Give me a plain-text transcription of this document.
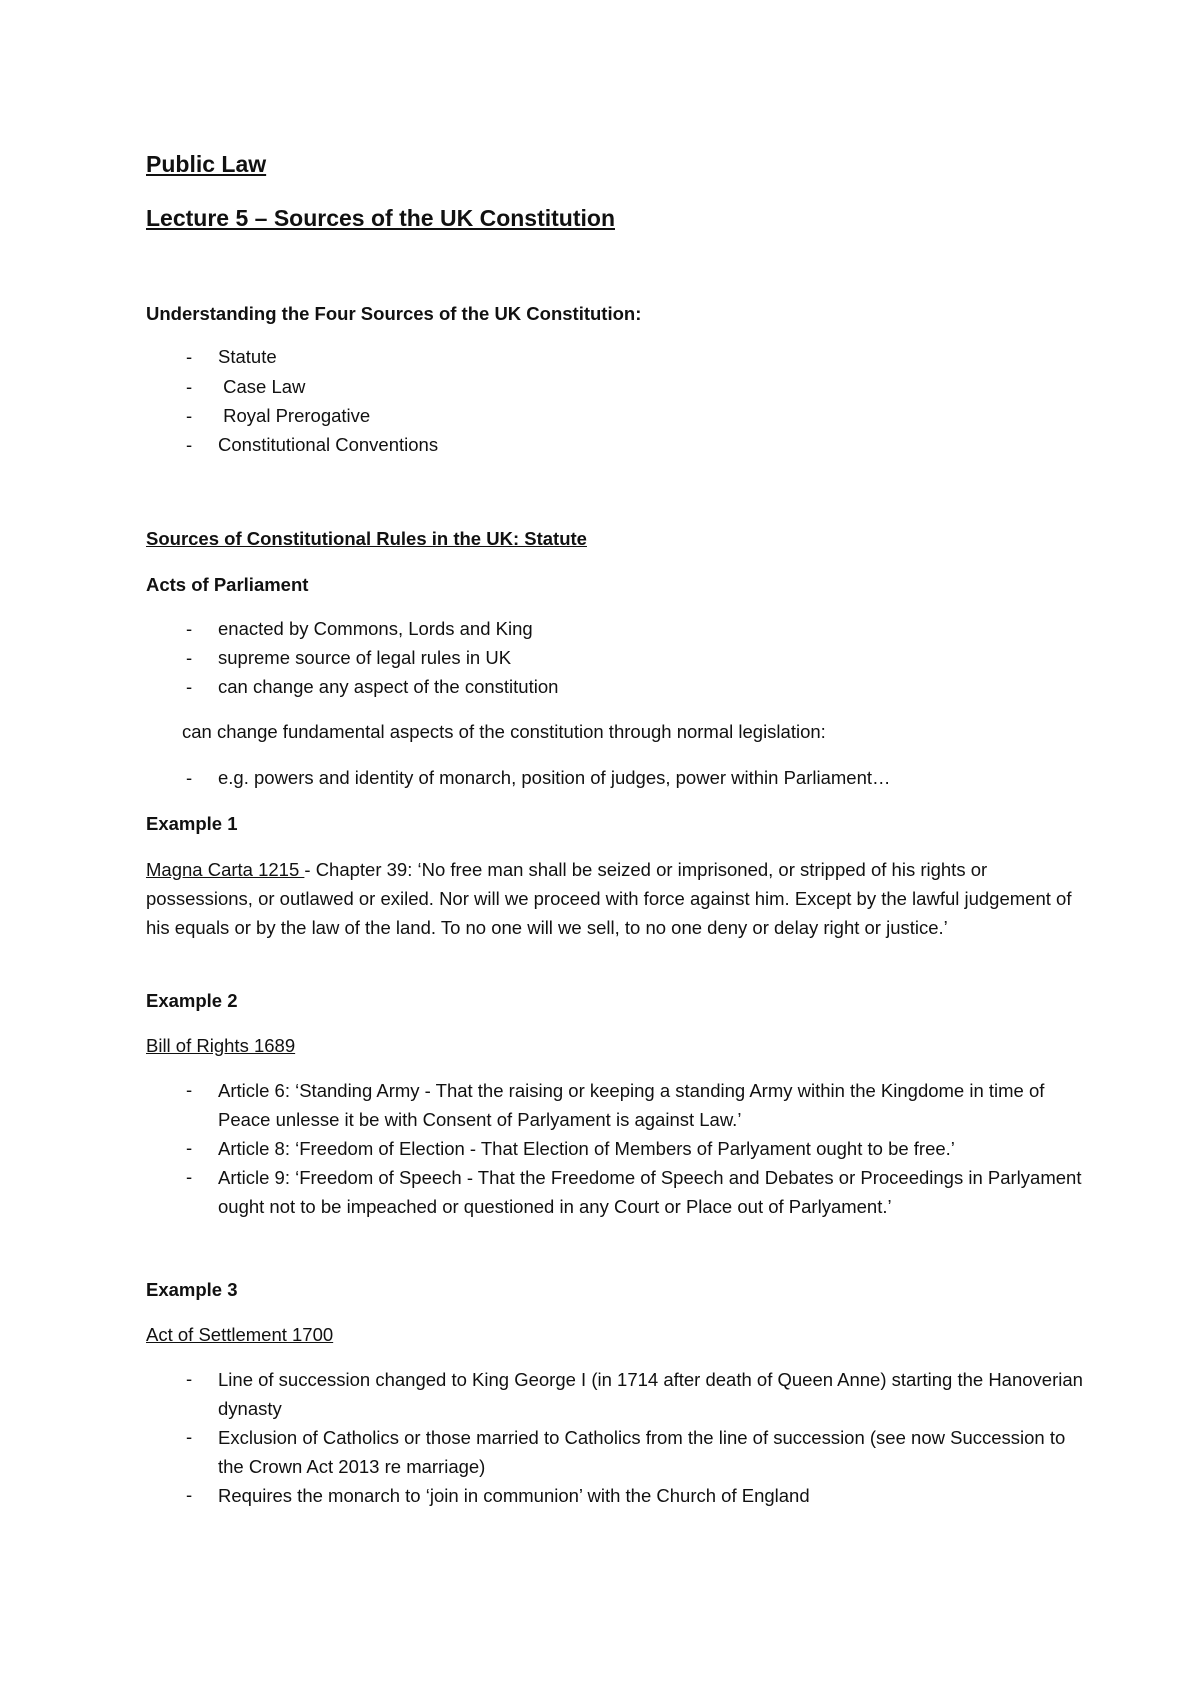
Public Law
Lecture 5 – Sources of the UK Constitution
Understanding the Four Sources of the UK Constitution:
- Statute
- Case Law
- Royal Prerogative
- Constitutional Conventions
Sources of Constitutional Rules in the UK: Statute
Acts of Parliament
- enacted by Commons, Lords and King
- supreme source of legal rules in UK
- can change any aspect of the constitution
can change fundamental aspects of the constitution through normal legislation:
- e.g. powers and identity of monarch, position of judges, power within Parliament…
Example 1
Magna Carta 1215 - Chapter 39: ‘No free man shall be seized or imprisoned, or stripped of his rights or possessions, or outlawed or exiled. Nor will we proceed with force against him. Except by the lawful judgement of his equals or by the law of the land. To no one will we sell, to no one deny or delay right or justice.’
Example 2
Bill of Rights 1689
- Article 6: ‘Standing Army - That the raising or keeping a standing Army within the Kingdome in time of Peace unlesse it be with Consent of Parlyament is against Law.’
- Article 8: ‘Freedom of Election - That Election of Members of Parlyament ought to be free.’
- Article 9: ‘Freedom of Speech - That the Freedome of Speech and Debates or Proceedings in Parlyament ought not to be impeached or questioned in any Court or Place out of Parlyament.’
Example 3
Act of Settlement 1700
- Line of succession changed to King George I (in 1714 after death of Queen Anne) starting the Hanoverian dynasty
- Exclusion of Catholics or those married to Catholics from the line of succession (see now Succession to the Crown Act 2013 re marriage)
- Requires the monarch to ‘join in communion’ with the Church of England
